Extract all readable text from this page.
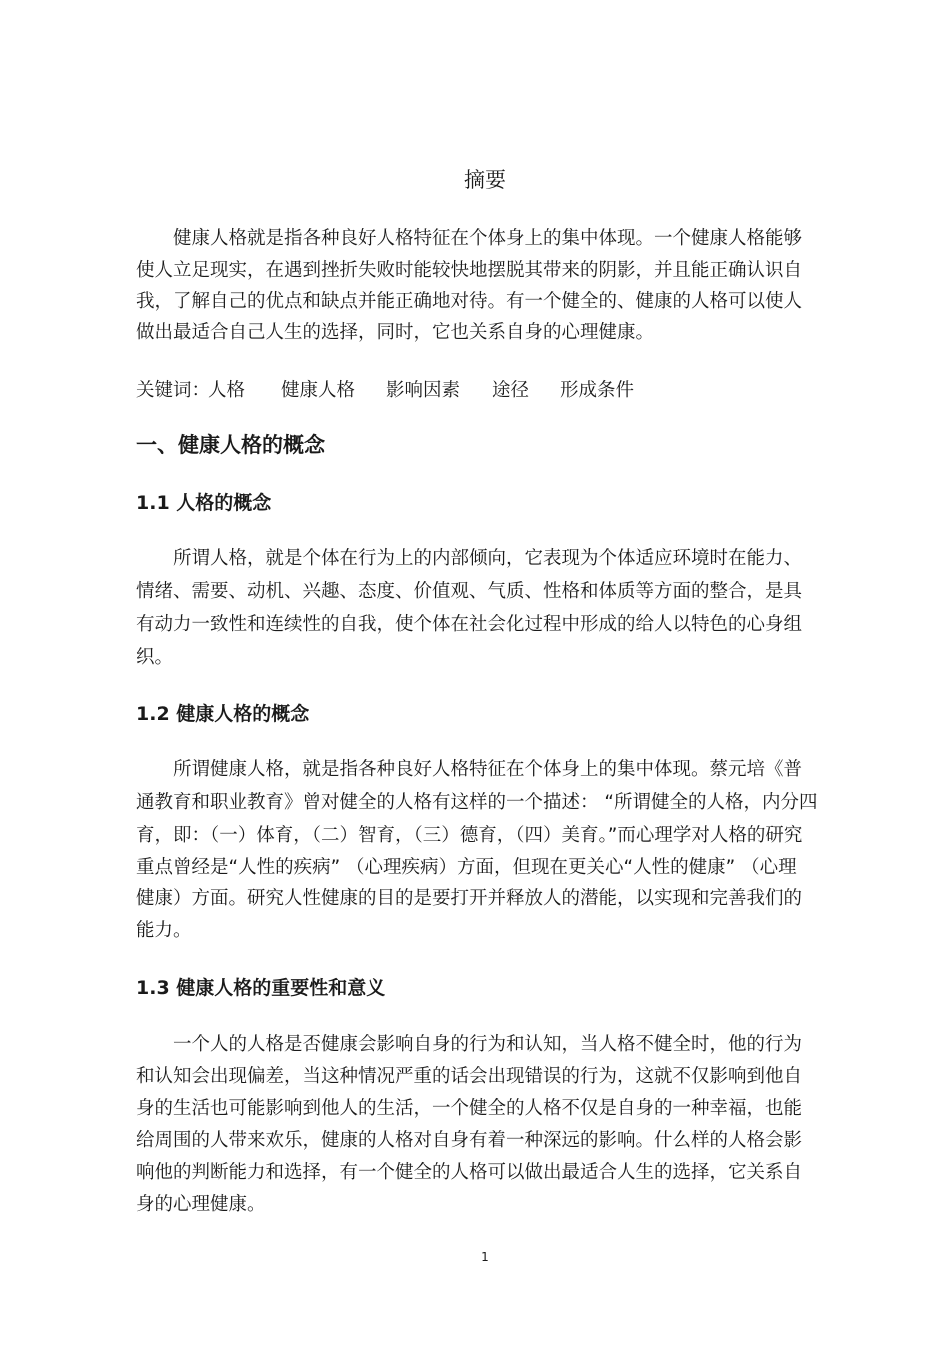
摘要

健康人格就是指各种良好人格特征在个体身上的集中体现。一个健康人格能够

使人立足现实，在遇到挫折失败时能较快地摆脱其带来的阴影，并且能正确认识自

我，了解自己的优点和缺点并能正确地对待。有一个健全的、健康的人格可以使人

做出最适合自己人生的选择，同时，它也关系自身的心理健康。

关键词：
人格 健康人格 影响因素 途径 形成条件
一、健康人格的概念
1.1 人格的概念

所谓人格，就是个体在行为上的内部倾向，它表现为个体适应环境时在能力、

情绪、需要、动机、兴趣、态度、价值观、气质、性格和体质等方面的整合，是具

有动力一致性和连续性的自我，使个体在社会化过程中形成的给人以特色的心身组

织。

1.2 健康人格的概念

所谓健康人格，就是指各种良好人格特征在个体身上的集中体现。蔡元培《普

通教育和职业教育》曾对健全的人格有这样的一个描述： “所谓健全的人格，内分四

育，即：（一）体育，（二）智育，（三）德育，（四）美育。”而心理学对人格的研究

重点曾经是“人性的疾病” （心理疾病）方面，但现在更关心“人性的健康” （心理

健康）方面。研究人性健康的目的是要打开并释放人的潜能，以实现和完善我们的

能力。

1.3 健康人格的重要性和意义

一个人的人格是否健康会影响自身的行为和认知，当人格不健全时，他的行为

和认知会出现偏差，当这种情况严重的话会出现错误的行为，这就不仅影响到他自

身的生活也可能影响到他人的生活，一个健全的人格不仅是自身的一种幸福，也能

给周围的人带来欢乐，健康的人格对自身有着一种深远的影响。什么样的人格会影

响他的判断能力和选择，有一个健全的人格可以做出最适合人生的选择，它关系自

身的心理健康。

1
